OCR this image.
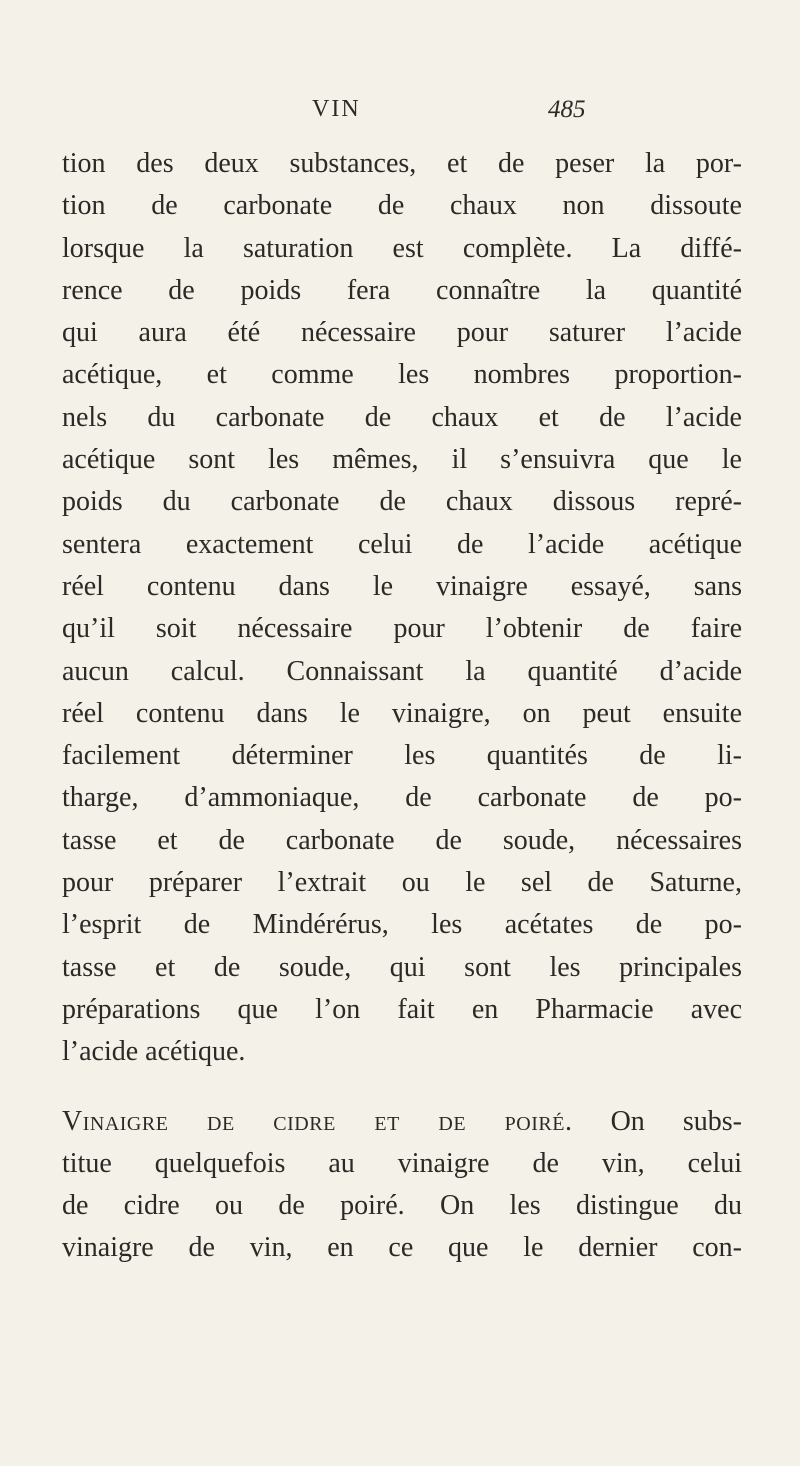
VIN	485
tion des deux substances, et de peser la por-
tion de carbonate de chaux non dissoute
lorsque la saturation est complète. La diffé-
rence de poids fera connaître la quantité
qui aura été nécessaire pour saturer l’acide
acétique, et comme les nombres proportion-
nels du carbonate de chaux et de l’acide
acétique sont les mêmes, il s’ensuivra que le
poids du carbonate de chaux dissous repré-
sentera exactement celui de l’acide acétique
réel contenu dans le vinaigre essayé, sans
qu’il soit nécessaire pour l’obtenir de faire
aucun calcul. Connaissant la quantité d’acide
réel contenu dans le vinaigre, on peut ensuite
facilement déterminer les quantités de li-
tharge, d’ammoniaque, de carbonate de po-
tasse et de carbonate de soude, nécessaires
pour préparer l’extrait ou le sel de Saturne,
l’esprit de Mindérérus, les acétates de po-
tasse et de soude, qui sont les principales
préparations que l’on fait en Pharmacie avec
l’acide acétique.
Vinaigre de cidre et de poiré. On subs-
titue quelquefois au vinaigre de vin, celui
de cidre ou de poiré. On les distingue du
vinaigre de vin, en ce que le dernier con-
